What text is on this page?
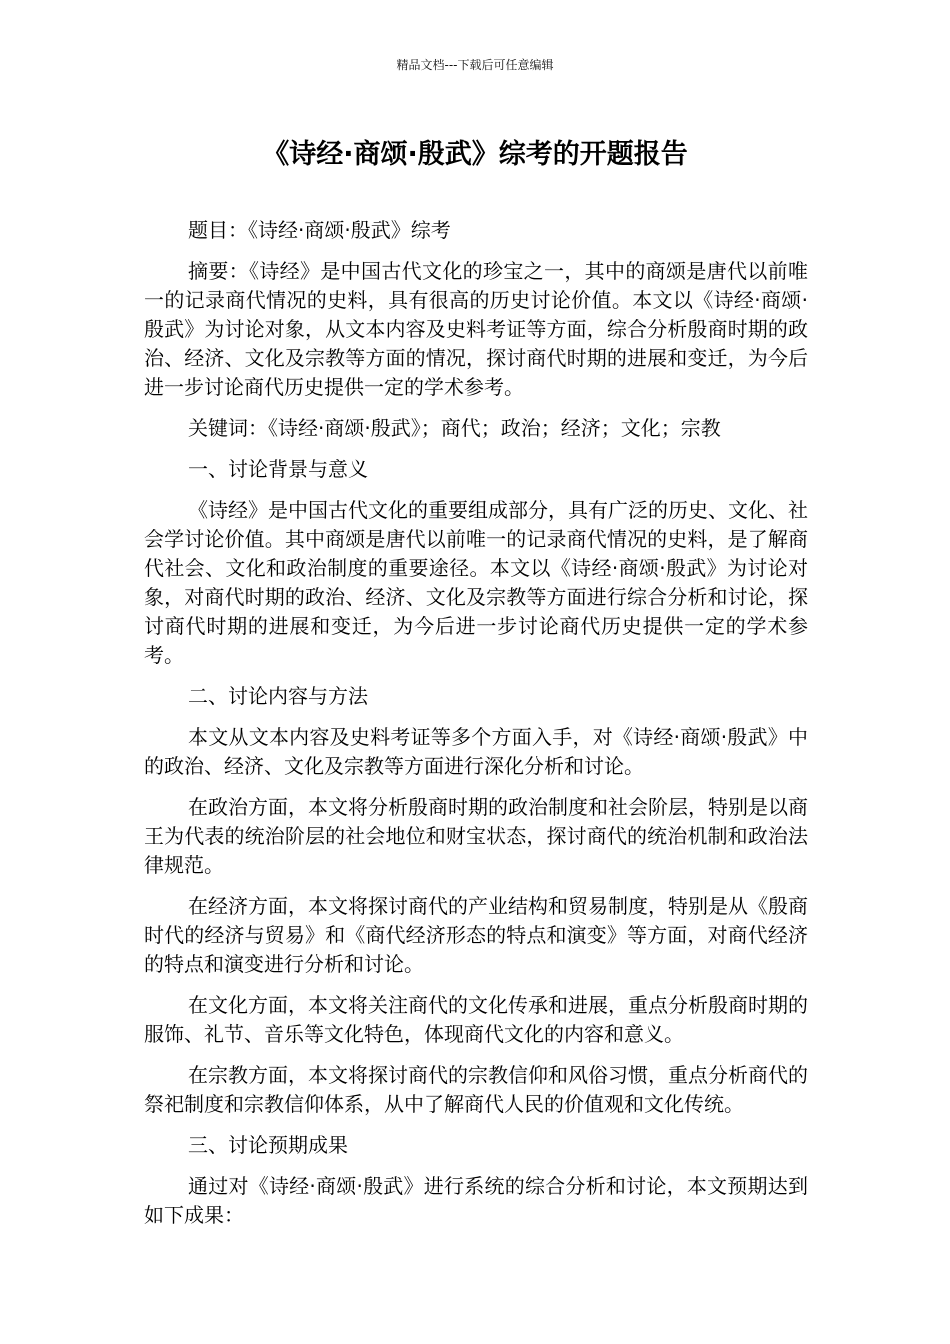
精品文档---下载后可任意编辑
《诗经·商颂·殷武》综考的开题报告

题目：《诗经·商颂·殷武》综考

摘要：《诗经》是中国古代文化的珍宝之一，其中的商颂是唐代以前唯一的记录商代情况的史料，具有很高的历史讨论价值。本文以《诗经·商颂·殷武》为讨论对象，从文本内容及史料考证等方面，综合分析殷商时期的政治、经济、文化及宗教等方面的情况，探讨商代时期的进展和变迁，为今后进一步讨论商代历史提供一定的学术参考。

关键词：《诗经·商颂·殷武》；商代；政治；经济；文化；宗教

一、讨论背景与意义

《诗经》是中国古代文化的重要组成部分，具有广泛的历史、文化、社会学讨论价值。其中商颂是唐代以前唯一的记录商代情况的史料，是了解商代社会、文化和政治制度的重要途径。本文以《诗经·商颂·殷武》为讨论对象，对商代时期的政治、经济、文化及宗教等方面进行综合分析和讨论，探讨商代时期的进展和变迁，为今后进一步讨论商代历史提供一定的学术参考。

二、讨论内容与方法

本文从文本内容及史料考证等多个方面入手，对《诗经·商颂·殷武》中的政治、经济、文化及宗教等方面进行深化分析和讨论。

在政治方面，本文将分析殷商时期的政治制度和社会阶层，特别是以商王为代表的统治阶层的社会地位和财宝状态，探讨商代的统治机制和政治法律规范。

在经济方面，本文将探讨商代的产业结构和贸易制度，特别是从《殷商时代的经济与贸易》和《商代经济形态的特点和演变》等方面，对商代经济的特点和演变进行分析和讨论。

在文化方面，本文将关注商代的文化传承和进展，重点分析殷商时期的服饰、礼节、音乐等文化特色，体现商代文化的内容和意义。

在宗教方面，本文将探讨商代的宗教信仰和风俗习惯，重点分析商代的祭祀制度和宗教信仰体系，从中了解商代人民的价值观和文化传统。

三、讨论预期成果

通过对《诗经·商颂·殷武》进行系统的综合分析和讨论，本文预期达到如下成果：
